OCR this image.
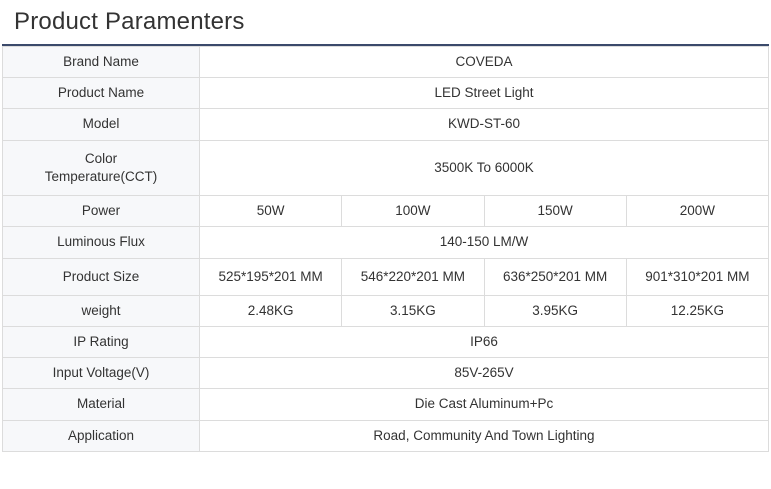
Product Paramenters
Brand Name	COVEDA			
Product Name	LED Street Light			
Model	KWD-ST-60			

Color
Temperature(CCT)	3500K To 6000K			
Power	50W	100W	150W	200W
Luminous Flux	140-150 LM/W			
Product Size	525*195*201 MM	546*220*201 MM	636*250*201 MM	901*310*201 MM
weight	2.48KG	3.15KG	3.95KG	12.25KG
IP Rating	IP66			
Input Voltage(V)	85V-265V			
Material	Die Cast Aluminum+Pc			
Application	Road, Community And Town Lighting			
